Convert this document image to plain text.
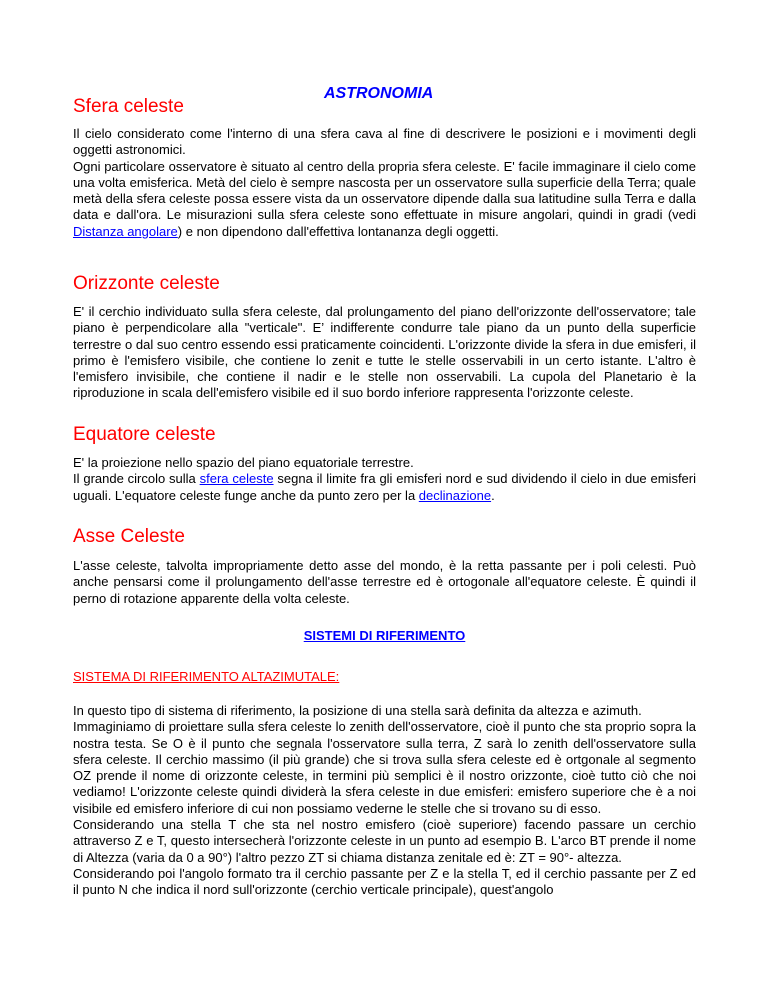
ASTRONOMIA
Sfera celeste

Il cielo considerato come l'interno di una sfera cava al fine di descrivere le posizioni e i movimenti degli oggetti astronomici.

Ogni particolare osservatore è situato al centro della propria sfera celeste. E' facile immaginare il cielo come una volta emisferica. Metà del cielo è sempre nascosta per un osservatore sulla superficie della Terra; quale metà della sfera celeste possa essere vista da un osservatore dipende dalla sua latitudine sulla Terra e dalla data e dall'ora. Le misurazioni sulla sfera celeste sono effettuate in misure angolari, quindi in gradi (vedi Distanza angolare) e non dipendono dall'effettiva lontananza degli oggetti.

Orizzonte celeste

E' il cerchio individuato sulla sfera celeste, dal prolungamento del piano dell'orizzonte dell'osservatore; tale piano è perpendicolare alla "verticale". E’ indifferente condurre tale piano da un punto della superficie terrestre o dal suo centro essendo essi praticamente coincidenti. L'orizzonte divide la sfera in due emisferi, il primo è l'emisfero visibile, che contiene lo zenit e tutte le stelle osservabili in un certo istante. L'altro è l'emisfero invisibile, che contiene il nadir e le stelle non osservabili. La cupola del Planetario è la riproduzione in scala dell'emisfero visibile ed il suo bordo inferiore rappresenta l'orizzonte celeste.

Equatore celeste

E' la proiezione nello spazio del piano equatoriale terrestre.

Il grande circolo sulla sfera celeste segna il limite fra gli emisferi nord e sud dividendo il cielo in due emisferi uguali. L'equatore celeste funge anche da punto zero per la declinazione.

Asse Celeste

L'asse celeste, talvolta impropriamente detto asse del mondo, è la retta passante per i poli celesti. Può anche pensarsi come il prolungamento dell'asse terrestre ed è ortogonale all'equatore celeste. È quindi il perno di rotazione apparente della volta celeste.

SISTEMI DI RIFERIMENTO

SISTEMA DI RIFERIMENTO ALTAZIMUTALE:

In questo tipo di sistema di riferimento, la posizione di una stella sarà definita da altezza e azimuth.

Immaginiamo di proiettare sulla sfera celeste lo zenith dell'osservatore, cioè il punto che sta proprio sopra la nostra testa. Se O è il punto che segnala l'osservatore sulla terra, Z sarà lo zenith dell'osservatore sulla sfera celeste. Il cerchio massimo (il più grande) che si trova sulla sfera celeste ed è ortgonale al segmento OZ prende il nome di orizzonte celeste, in termini più semplici è il nostro orizzonte, cioè tutto ciò che noi vediamo! L'orizzonte celeste quindi dividerà la sfera celeste in due emisferi: emisfero superiore che è a noi visibile ed emisfero inferiore di cui non possiamo vederne le stelle che si trovano su di esso.

Considerando una stella T che sta nel nostro emisfero (cioè superiore) facendo passare un cerchio attraverso Z e T, questo intersecherà l'orizzonte celeste in un punto ad esempio B. L'arco BT prende il nome di Altezza (varia da 0 a 90°) l'altro pezzo ZT si chiama distanza zenitale ed è: ZT = 90°- altezza.

Considerando poi l'angolo formato tra il cerchio passante per Z e la stella T, ed il cerchio passante per Z ed il punto N che indica il nord sull'orizzonte (cerchio verticale principale), quest'angolo
